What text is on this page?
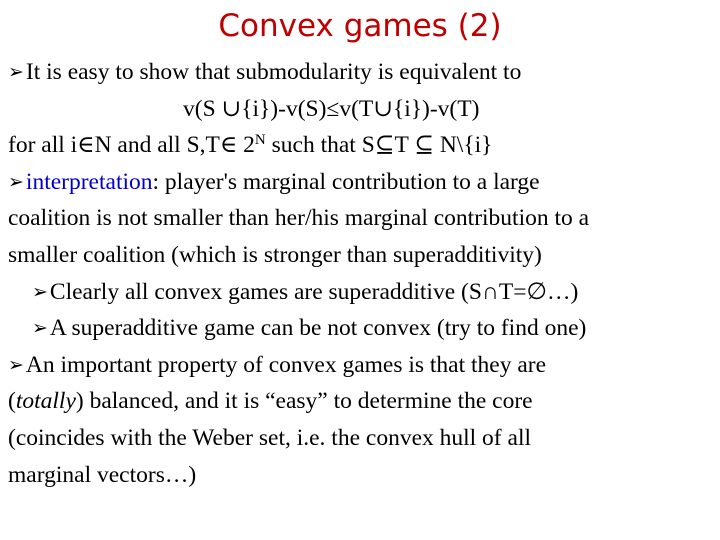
Convex games (2)
➢It is easy to show that submodularity is equivalent to
v(S ∪{i})-v(S)≤v(T∪{i})-v(T)
for all i∈N and all S,T∈ $2^N$ such that S⊆T ⊆ N\{i}
➢interpretation: player's marginal contribution to a large
coalition is not smaller than her/his marginal contribution to a
smaller coalition (which is stronger than superadditivity)
➢Clearly all convex games are superadditive (S∩T=∅…)
➢A superadditive game can be not convex (try to find one)
➢An important property of convex games is that they are
(totally) balanced, and it is “easy” to determine the core
(coincides with the Weber set, i.e. the convex hull of all
marginal vectors…)
